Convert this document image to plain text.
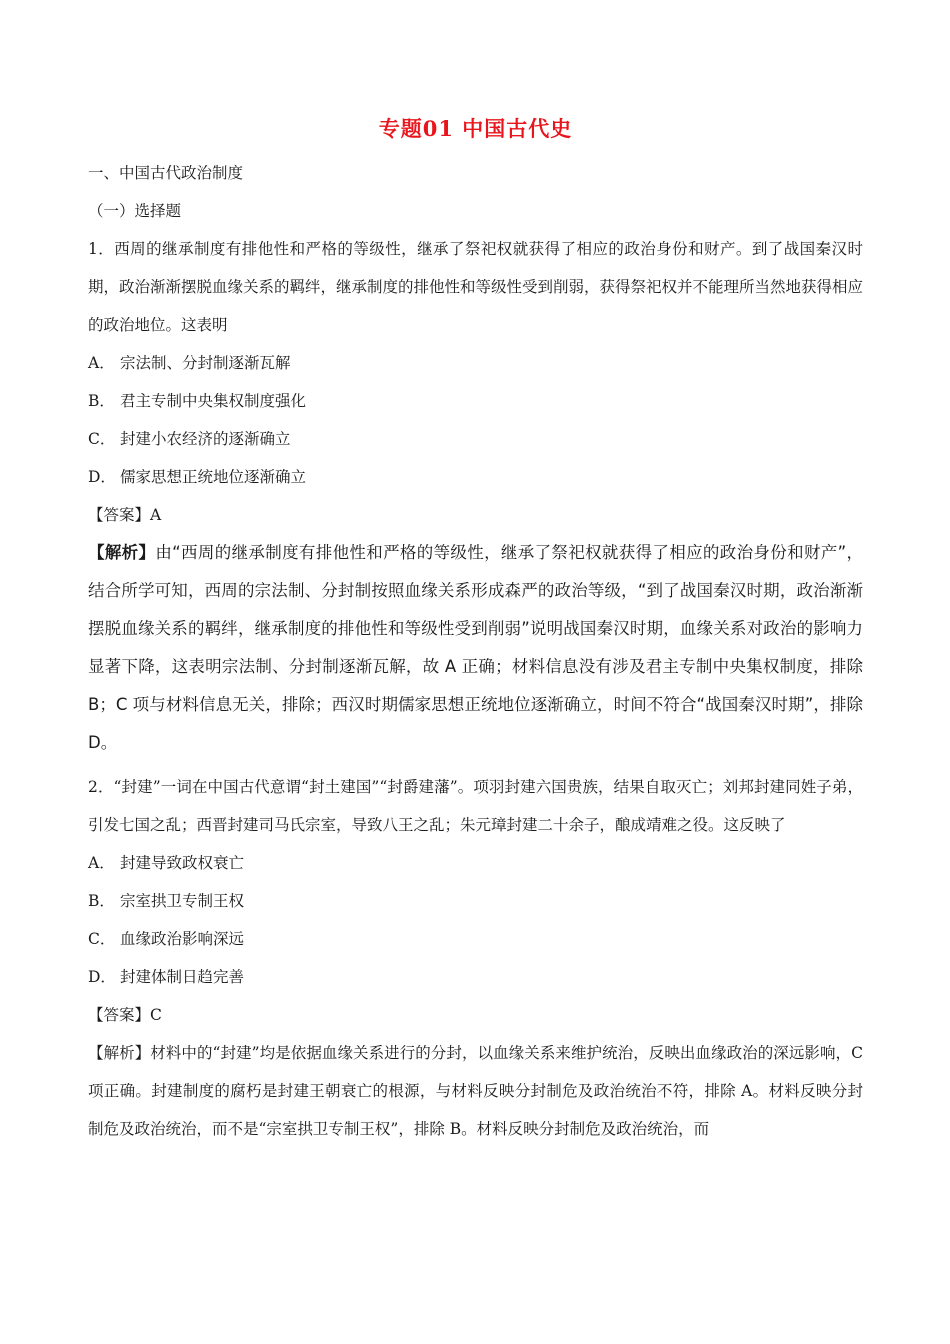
专题01 中国古代史
一、中国古代政治制度
（一）选择题

1．西周的继承制度有排他性和严格的等级性，继承了祭祀权就获得了相应的政治身份和财产。到了战国秦汉时期，政治渐渐摆脱血缘关系的羁绊，继承制度的排他性和等级性受到削弱，获得祭祀权并不能理所当然地获得相应的政治地位。这表明

A． 宗法制、分封制逐渐瓦解
B． 君主专制中央集权制度强化
C． 封建小农经济的逐渐确立
D． 儒家思想正统地位逐渐确立
【答案】A

【解析】由“西周的继承制度有排他性和严格的等级性，继承了祭祀权就获得了相应的政治身份和财产”，结合所学可知，西周的宗法制、分封制按照血缘关系形成森严的政治等级，“到了战国秦汉时期，政治渐渐摆脱血缘关系的羁绊，继承制度的排他性和等级性受到削弱”说明战国秦汉时期，血缘关系对政治的影响力显著下降，这表明宗法制、分封制逐渐瓦解，故 A 正确；材料信息没有涉及君主专制中央集权制度，排除 B；C 项与材料信息无关，排除；西汉时期儒家思想正统地位逐渐确立，时间不符合“战国秦汉时期”，排除 D。

2．“封建”一词在中国古代意谓“封土建国”“封爵建藩”。项羽封建六国贵族，结果自取灭亡；刘邦封建同姓子弟，引发七国之乱；西晋封建司马氏宗室，导致八王之乱；朱元璋封建二十余子，酿成靖难之役。这反映了

A． 封建导致政权衰亡
B． 宗室拱卫专制王权
C． 血缘政治影响深远
D． 封建体制日趋完善
【答案】C

【解析】材料中的“封建”均是依据血缘关系进行的分封，以血缘关系来维护统治，反映出血缘政治的深远影响，C 项正确。封建制度的腐朽是封建王朝衰亡的根源，与材料反映分封制危及政治统治不符，排除 A。材料反映分封制危及政治统治，而不是“宗室拱卫专制王权”，排除 B。材料反映分封制危及政治统治，而
